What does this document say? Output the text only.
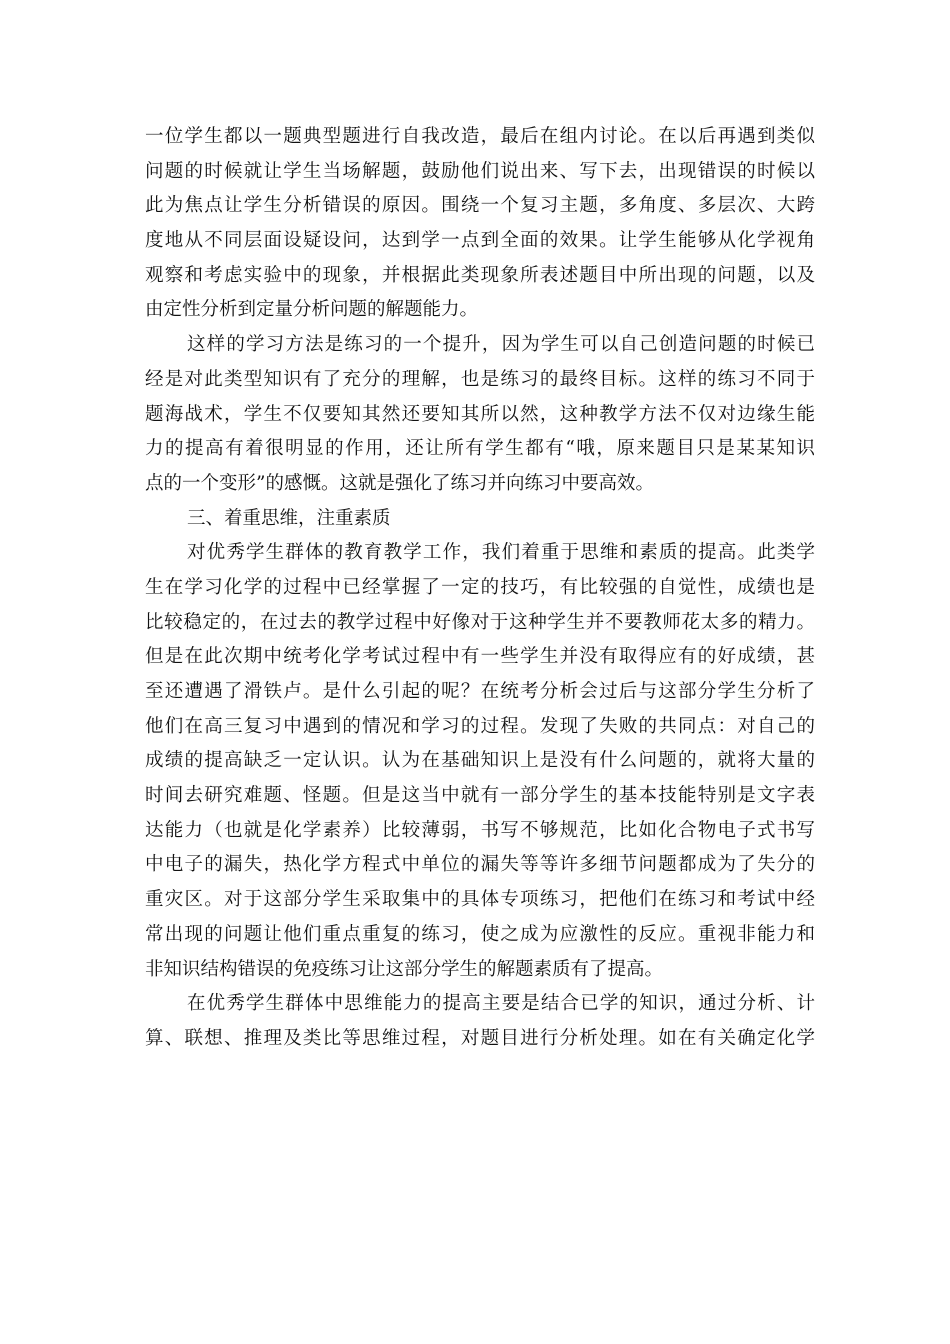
一位学生都以一题典型题进行自我改造，最后在组内讨论。在以后再遇到类似
问题的时候就让学生当场解题，鼓励他们说出来、写下去，出现错误的时候以
此为焦点让学生分析错误的原因。围绕一个复习主题，多角度、多层次、大跨
度地从不同层面设疑设问，达到学一点到全面的效果。让学生能够从化学视角
观察和考虑实验中的现象，并根据此类现象所表述题目中所出现的问题，以及
由定性分析到定量分析问题的解题能力。
这样的学习方法是练习的一个提升，因为学生可以自己创造问题的时候已
经是对此类型知识有了充分的理解，也是练习的最终目标。这样的练习不同于
题海战术，学生不仅要知其然还要知其所以然，这种教学方法不仅对边缘生能
力的提高有着很明显的作用，还让所有学生都有“哦，原来题目只是某某知识
点的一个变形”的感慨。这就是强化了练习并向练习中要高效。
三、着重思维，注重素质
对优秀学生群体的教育教学工作，我们着重于思维和素质的提高。此类学
生在学习化学的过程中已经掌握了一定的技巧，有比较强的自觉性，成绩也是
比较稳定的，在过去的教学过程中好像对于这种学生并不要教师花太多的精力。
但是在此次期中统考化学考试过程中有一些学生并没有取得应有的好成绩，甚
至还遭遇了滑铁卢。是什么引起的呢？在统考分析会过后与这部分学生分析了
他们在高三复习中遇到的情况和学习的过程。发现了失败的共同点：对自己的
成绩的提高缺乏一定认识。认为在基础知识上是没有什么问题的，就将大量的
时间去研究难题、怪题。但是这当中就有一部分学生的基本技能特别是文字表
达能力（也就是化学素养）比较薄弱，书写不够规范，比如化合物电子式书写
中电子的漏失，热化学方程式中单位的漏失等等许多细节问题都成为了失分的
重灾区。对于这部分学生采取集中的具体专项练习，把他们在练习和考试中经
常出现的问题让他们重点重复的练习，使之成为应激性的反应。重视非能力和
非知识结构错误的免疫练习让这部分学生的解题素质有了提高。
在优秀学生群体中思维能力的提高主要是结合已学的知识，通过分析、计
算、联想、推理及类比等思维过程，对题目进行分析处理。如在有关确定化学
